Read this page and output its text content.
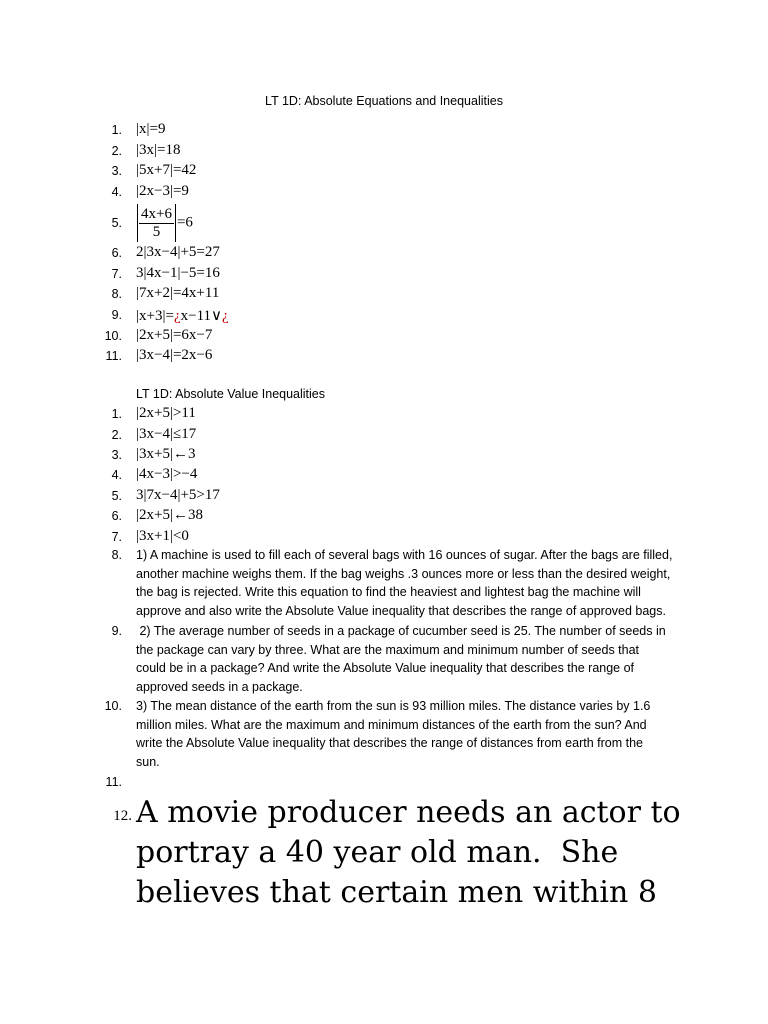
LT 1D: Absolute Equations and Inequalities
1. |x|=9
2. |3x|=18
3. |5x+7|=42
4. |2x−3|=9
5. $\frac{4x+6}{5} =6$
6. 2|3x−4|+5=27
7. 3|4x−1|−5=16
8. |7x+2|=4x+11
9. |x+3|=¿x−11∨¿
10. |2x+5|=6x−7
11. |3x−4|=2x−6
LT 1D: Absolute Value Inequalities
1. |2x+5|>11
2. |3x−4|≤17
3. |3x+5|←3
4. |4x−3|>−4
5. 3|7x−4|+5>17
6. |2x+5|←38
7. |3x+1|<0
8. 1) A machine is used to fill each of several bags with 16 ounces of sugar. After the bags are filled,
another machine weighs them. If the bag weighs .3 ounces more or less than the desired weight,
the bag is rejected. Write this equation to find the heaviest and lightest bag the machine will
approve and also write the Absolute Value inequality that describes the range of approved bags.
9. 2) The average number of seeds in a package of cucumber seed is 25. The number of seeds in
the package can vary by three. What are the maximum and minimum number of seeds that
could be in a package? And write the Absolute Value inequality that describes the range of
approved seeds in a package.
10. 3) The mean distance of the earth from the sun is 93 million miles. The distance varies by 1.6
million miles. What are the maximum and minimum distances of the earth from the sun? And
write the Absolute Value inequality that describes the range of distances from earth from the
sun.
11.
12. A movie producer needs an actor to
portray a 40 year old man.  She
believes that certain men within 8
